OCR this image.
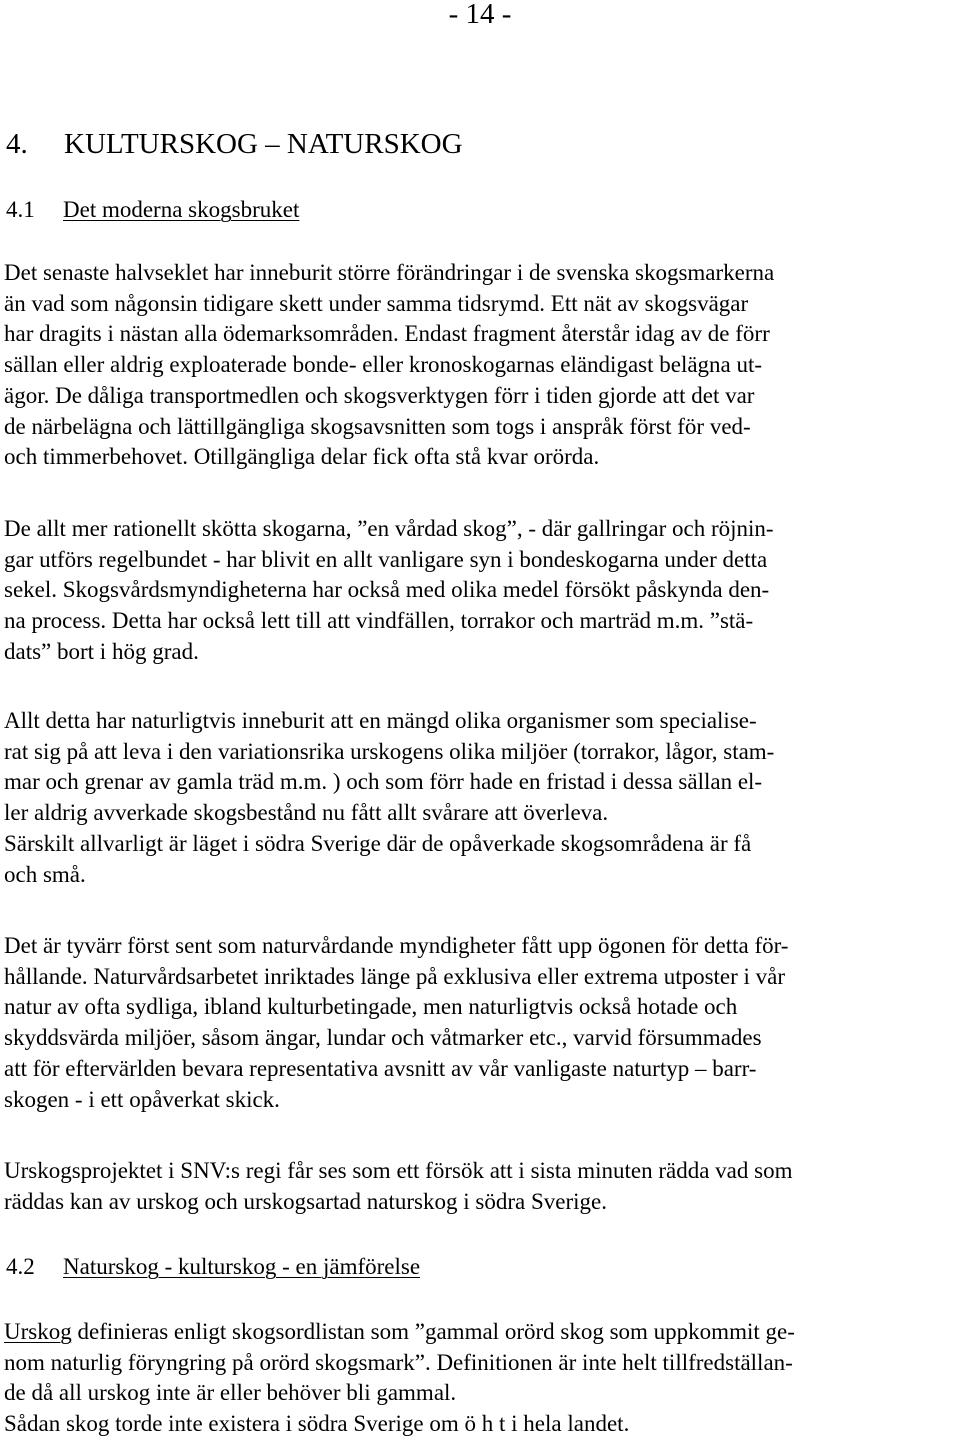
- 14 -
4. KULTURSKOG – NATURSKOG
4.1 Det moderna skogsbruket
Det senaste halvseklet har inneburit större förändringar i de svenska skogsmarkerna
än vad som någonsin tidigare skett under samma tidsrymd. Ett nät av skogsvägar
har dragits i nästan alla ödemarksområden. Endast fragment återstår idag av de förr
sällan eller aldrig exploaterade bonde- eller kronoskogarnas eländigast belägna ut-
ägor. De dåliga transportmedlen och skogsverktygen förr i tiden gjorde att det var
de närbelägna och lättillgängliga skogsavsnitten som togs i anspråk först för ved-
och timmerbehovet. Otillgängliga delar fick ofta stå kvar orörda.
De allt mer rationellt skötta skogarna, ”en vårdad skog”, - där gallringar och röjnin-
gar utförs regelbundet - har blivit en allt vanligare syn i bondeskogarna under detta
sekel. Skogsvårdsmyndigheterna har också med olika medel försökt påskynda den-
na process. Detta har också lett till att vindfällen, torrakor och marträd m.m. ”stä-
dats” bort i hög grad.
Allt detta har naturligtvis inneburit att en mängd olika organismer som specialise-
rat sig på att leva i den variationsrika urskogens olika miljöer (torrakor, lågor, stam-
mar och grenar av gamla träd m.m. ) och som förr hade en fristad i dessa sällan el-
ler aldrig avverkade skogsbestånd nu fått allt svårare att överleva.
Särskilt allvarligt är läget i södra Sverige där de opåverkade skogsområdena är få
och små.
Det är tyvärr först sent som naturvårdande myndigheter fått upp ögonen för detta för-
hållande. Naturvårdsarbetet inriktades länge på exklusiva eller extrema utposter i vår
natur av ofta sydliga, ibland kulturbetingade, men naturligtvis också hotade och
skyddsvärda miljöer, såsom ängar, lundar och våtmarker etc., varvid försummades
att för eftervärlden bevara representativa avsnitt av vår vanligaste naturtyp – barr-
skogen - i ett opåverkat skick.
Urskogsprojektet i SNV:s regi får ses som ett försök att i sista minuten rädda vad som
räddas kan av urskog och urskogsartad naturskog i södra Sverige.
4.2 Naturskog - kulturskog - en jämförelse
Urskog definieras enligt skogsordlistan som ”gammal orörd skog som uppkommit ge-
nom naturlig föryngring på orörd skogsmark”. Definitionen är inte helt tillfredställan-
de då all urskog inte är eller behöver bli gammal.
Sådan skog torde inte existera i södra Sverige om ö h t i hela landet.
